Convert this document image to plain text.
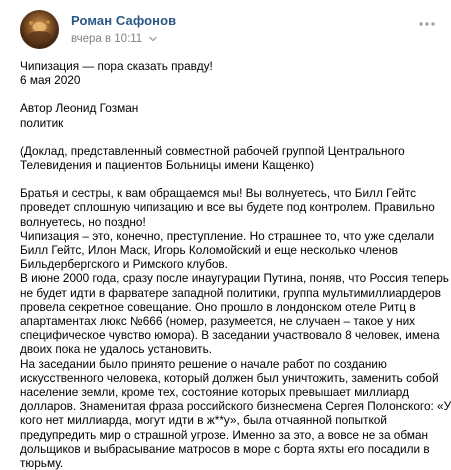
Роман Сафонов
вчера в 10:11

Чипизация — пора сказать правду!

6 мая 2020

Автор Леонид Гозман

политик

(Доклад, представленный совместной рабочей группой Центрального

Телевидения и пациентов Больницы имени Кащенко)

Братья и сестры, к вам обращаемся мы! Вы волнуетесь, что Билл Гейтс

проведет сплошную чипизацию и все вы будете под контролем. Правильно

волнуетесь, но поздно!

Чипизация – это, конечно, преступление. Но страшнее то, что уже сделали

Билл Гейтс, Илон Маск, Игорь Коломойский и еще несколько членов

Бильдербергского и Римского клубов.

В июне 2000 года, сразу после инаугурации Путина, поняв, что Россия теперь

не будет идти в фарватере западной политики, группа мультимиллиардеров

провела секретное совещание. Оно прошло в лондонском отеле Ритц в

апартаментах люкс №666 (номер, разумеется, не случаен – такое у них

специфическое чувство юмора). В заседании участвовало 8 человек, имена

двоих пока не удалось установить.

На заседании было принято решение о начале работ по созданию

искусственного человека, который должен был уничтожить, заменить собой

население земли, кроме тех, состояние которых превышает миллиард

долларов. Знаменитая фраза российского бизнесмена Сергея Полонского: «У

кого нет миллиарда, могут идти в ж**у», была отчаянной попыткой

предупредить мир о страшной угрозе. Именно за это, а вовсе не за обман

дольщиков и выбрасывание матросов в море с борта яхты его посадили в

тюрьму.
